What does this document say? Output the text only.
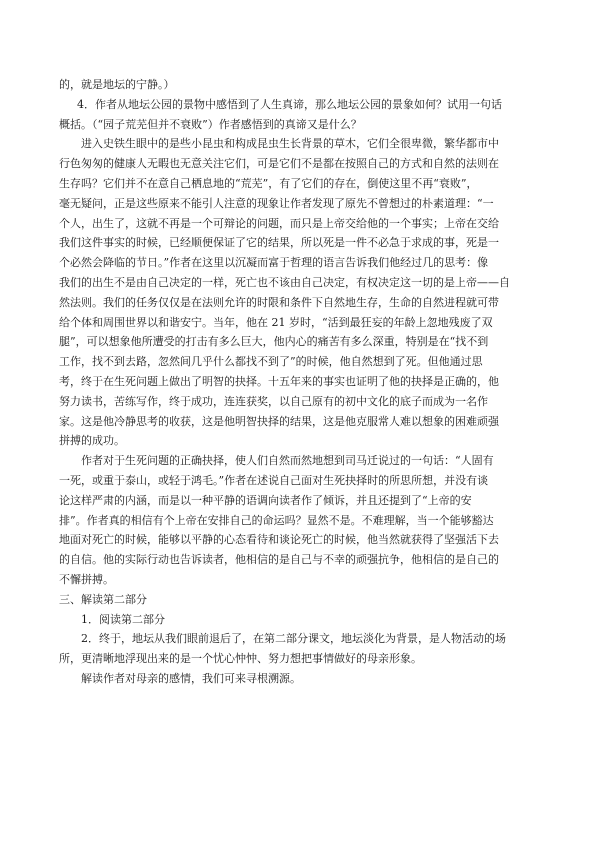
的，就是地坛的宁静。）
4．作者从地坛公园的景物中感悟到了人生真谛，那么地坛公园的景象如何？试用一句话
概括。（“园子荒芜但并不衰败”）作者感悟到的真谛又是什么？
进入史铁生眼中的是些小昆虫和构成昆虫生长背景的草木，它们全很卑微，繁华都市中
行色匆匆的健康人无暇也无意关注它们，可是它们不是都在按照自己的方式和自然的法则在
生存吗？它们并不在意自己栖息地的“荒芜”，有了它们的存在，倒使这里不再“衰败”，
毫无疑问，正是这些原来不能引人注意的现象让作者发现了原先不曾想过的朴素道理：“一
个人，出生了，这就不再是一个可辩论的问题，而只是上帝交给他的一个事实；上帝在交给
我们这件事实的时候，已经顺便保证了它的结果，所以死是一件不必急于求成的事，死是一
个必然会降临的节日。”作者在这里以沉凝而富于哲理的语言告诉我们他经过几的思考：像
我们的出生不是由自己决定的一样，死亡也不该由自己决定，有权决定这一切的是上帝——自
然法则。我们的任务仅仅是在法则允许的时限和条件下自然地生存，生命的自然进程就可带
给个体和周围世界以和谐安宁。当年，他在 21 岁时，“活到最狂妄的年龄上忽地残废了双
腿”，可以想象他所遭受的打击有多么巨大，他内心的痛苦有多么深重，特别是在“找不到
工作，找不到去路，忽然间几乎什么都找不到了”的时候，他自然想到了死。但他通过思
考，终于在生死问题上做出了明智的抉择。十五年来的事实也证明了他的抉择是正确的，他
努力读书，苦练写作，终于成功，连连获奖，以自己原有的初中文化的底子而成为一名作
家。这是他冷静思考的收获，这是他明智抉择的结果，这是他克服常人难以想象的困难顽强
拼搏的成功。
作者对于生死问题的正确抉择，使人们自然而然地想到司马迁说过的一句话：“人固有
一死，或重于泰山，或轻于鸿毛。”作者在述说自己面对生死抉择时的所思所想，并没有谈
论这样严肃的内涵，而是以一种平静的语调向读者作了倾诉，并且还提到了“上帝的安
排”。作者真的相信有个上帝在安排自己的命运吗？显然不是。不难理解，当一个能够豁达
地面对死亡的时候，能够以平静的心态看待和谈论死亡的时候，他当然就获得了坚强活下去
的自信。他的实际行动也告诉读者，他相信的是自己与不幸的顽强抗争，他相信的是自己的
不懈拼搏。
三、解读第二部分
1．阅读第二部分
2．终于，地坛从我们眼前退后了，在第二部分课文，地坛淡化为背景，是人物活动的场
所，更清晰地浮现出来的是一个忧心忡忡、努力想把事情做好的母亲形象。
解读作者对母亲的感情，我们可来寻根溯源。
